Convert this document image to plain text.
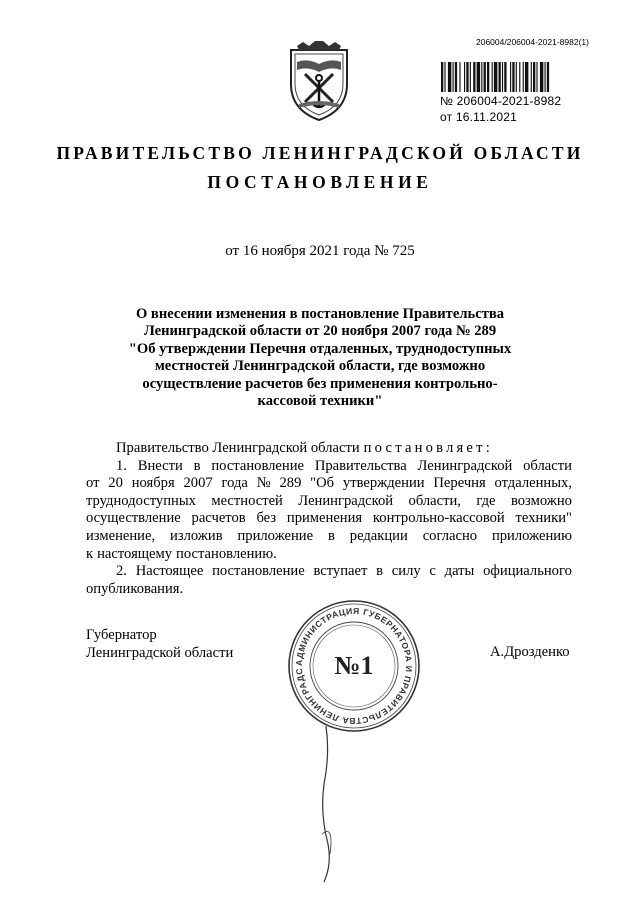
206004/206004-2021-8982(1)
№ 206004-2021-8982
от 16.11.2021
ПРАВИТЕЛЬСТВО ЛЕНИНГРАДСКОЙ ОБЛАСТИ
ПОСТАНОВЛЕНИЕ
от 16 ноября 2021 года № 725
О внесении изменения в постановление Правительства
Ленинградской области от 20 ноября 2007 года № 289
"Об утверждении Перечня отдаленных, труднодоступных
местностей Ленинградской области, где возможно
осуществление расчетов без применения контрольно-
кассовой техники"
Правительство Ленинградской области постановляет:
1. Внести в постановление Правительства Ленинградской области
от 20 ноября 2007 года № 289 "Об утверждении Перечня отдаленных,
труднодоступных местностей Ленинградской области, где возможно
осуществление расчетов без применения контрольно-кассовой техники"
изменение, изложив приложение в редакции согласно приложению
к настоящему постановлению.
2. Настоящее постановление вступает в силу с даты официального
опубликования.
Губернатор
Ленинградской области	А.Дрозденко
АДМИНИСТРАЦИЯ ГУБЕРНАТОРА И ПРАВИТЕЛЬСТВА ЛЕНИНГРАДС	№1
